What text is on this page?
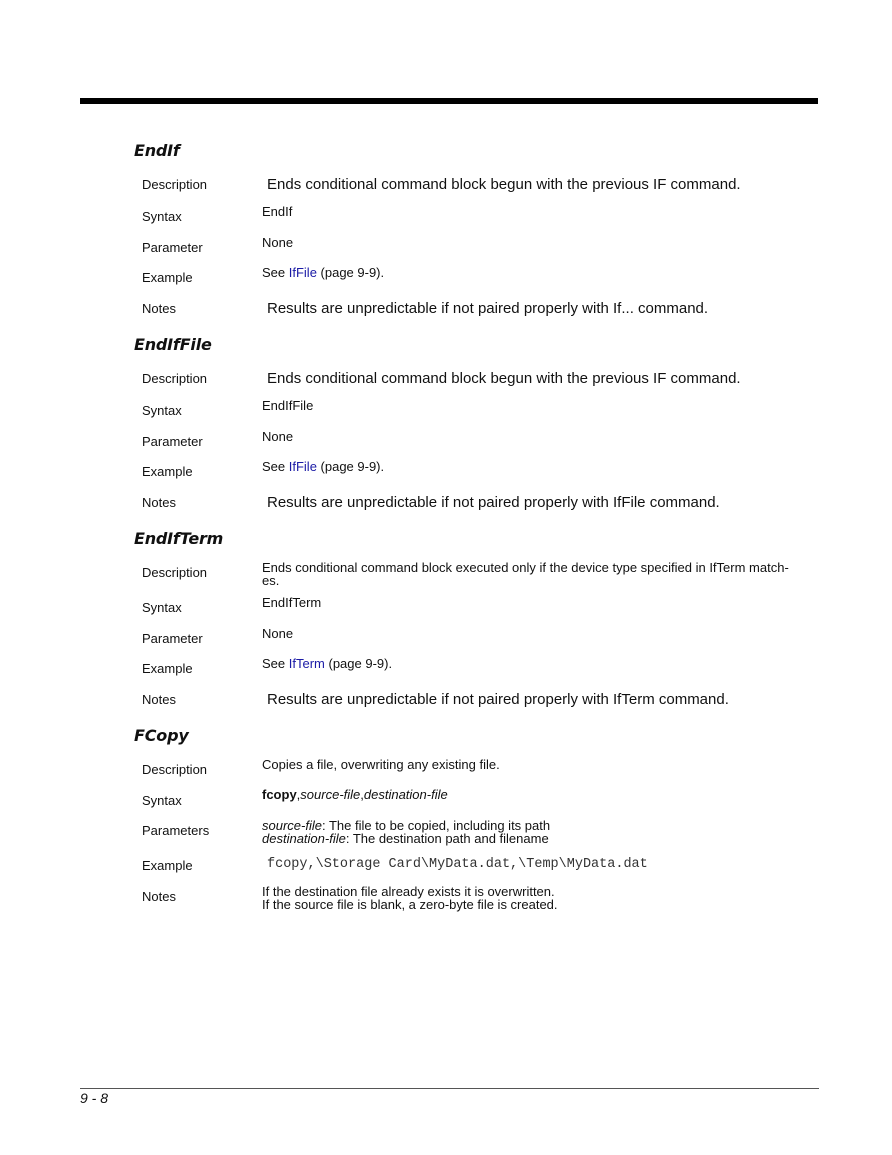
EndIf
Description	Ends conditional command block begun with the previous IF command.
Syntax	EndIf
Parameter	None
Example	See IfFile (page 9-9).
Notes	Results are unpredictable if not paired properly with If... command.
EndIfFile
Description	Ends conditional command block begun with the previous IF command.
Syntax	EndIfFile
Parameter	None
Example	See IfFile (page 9-9).
Notes	Results are unpredictable if not paired properly with IfFile command.
EndIfTerm
Description	Ends conditional command block executed only if the device type specified in IfTerm match-
es.
Syntax	EndIfTerm
Parameter	None
Example	See IfTerm (page 9-9).
Notes	Results are unpredictable if not paired properly with IfTerm command.
FCopy
Description	Copies a file, overwriting any existing file.
Syntax	fcopy,source-file,destination-file
Parameters	source-file: The file to be copied, including its path
destination-file: The destination path and filename
Example	fcopy,\Storage Card\MyData.dat,\Temp\MyData.dat
Notes	If the destination file already exists it is overwritten.
If the source file is blank, a zero-byte file is created.
9 - 8
